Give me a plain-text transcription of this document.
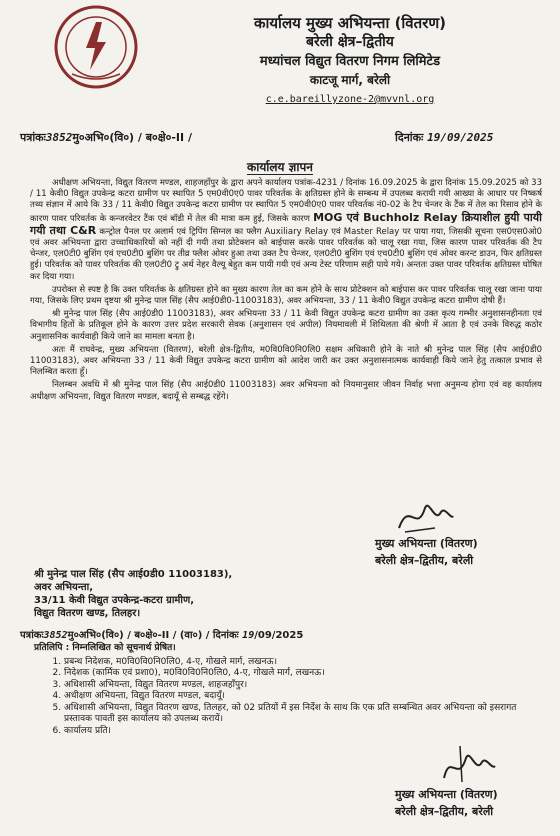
कार्यालय मुख्य अभियन्ता (वितरण)
बरेली क्षेत्र–द्वितीय
मध्यांचल विद्युत वितरण निगम लिमिटेड
काटजू मार्ग, बरेली
c.e.bareillyzone-2@mvvnl.org
पत्रांकः3852मु०अभि०(वि०) / ब०क्षे०-II /	दिनांकः 19/09/2025
कार्यालय ज्ञापन

अधीक्षण अभियन्ता, विद्युत वितरण मण्डल, शाहजहाँपुर के द्वारा अपने कार्यालय पत्रांक-4231 / दिनांक 16.09.2025 के द्वारा दिनांक 15.09.2025 को 33 / 11 केवी0 विद्युत उपकेन्द्र कटरा ग्रामीण पर स्थापित 5 एम0वी0ए0 पावर परिवर्तक के क्षतिग्रस्त होने के सम्बन्ध में उपलब्ध करायी गयी आख्या के आधार पर निष्कर्ष तथ्य संज्ञान में आये कि 33 / 11 केवी0 विद्युत उपकेन्द्र कटरा ग्रामीण पर स्थापित 5 एम0वी0ए0 पावर परिवर्तक नं0-02 के टैप चेन्जर के टैंक में तेल का रिसाव होने के कारण पावर परिवर्तक के कन्जरवेटर टैंक एवं बॉडी में तेल की मात्रा कम हुई, जिसके कारण MOG एवं Buchholz Relay क्रियाशील हुयी पायी गयी तथा C&R कन्ट्रोल पैनल पर अलार्म एवं ट्रिपिंग सिग्नल का फ्लैग Auxiliary Relay एवं Master Relay पर पाया गया, जिसकी सूचना एस0एस0ओ0 एवं अवर अभियन्ता द्वारा उच्चाधिकारियों को नहीं दी गयी तथा प्रोटेक्शन को बाईपास करके पावर परिवर्तक को चालू रखा गया, जिस कारण पावर परिवर्तक की टैप चेन्जर, एल0टी0 बुशिंग एवं एच0टी0 बुशिंग पर तीव्र फ्लैश ओवर हुआ तथा उक्त टैप चेन्जर, एल0टी0 बुशिंग एवं एच0टी0 बुशिंग एवं ओवर करन्ट डाउन, फिर क्षतिग्रस्त हुई। परिवर्तक को पावर परिवर्तक की एल0टी0 ट्रु अर्थ नेहर वैल्यू बेहुत कम पायी गयी एवं अन्य टेस्ट परिणाम सही पाये गये। अन्ततः उक्त पावर परिवर्तक क्षतिग्रस्त घोषित कर दिया गया।

उपरोक्त से स्पष्ट है कि उक्त परिवर्तक के क्षतिग्रस्त होने का मुख्य कारण तेल का कम होने के साथ प्रोटेक्शन को बाईपास कर पावर परिवर्तक चालू रखा जाना पाया गया, जिसके लिए प्रथम दृष्टया श्री मुनेन्द्र पाल सिंह (सैप आई0डी0-11003183), अवर अभियन्ता, 33 / 11 केवी0 विद्युत उपकेन्द्र कटरा ग्रामीण दोषी हैं।

श्री मुनेन्द्र पाल सिंह (सैप आई0डी0 11003183), अवर अभियन्ता 33 / 11 केवी विद्युत उपकेन्द्र कटरा ग्रामीण का उक्त कृत्य गम्भीर अनुशासनहीनता एवं विभागीय हितों के प्रतिकूल होने के कारण उत्तर प्रदेश सरकारी सेवक (अनुशासन एवं अपील) नियमावली में शिथिलता की श्रेणी में आता है एवं उनके विरुद्ध कठोर अनुशासनिक कार्यवाही किये जाने का मामला बनता है।

अतः मैं राघवेन्द्र, मुख्य अभियन्ता (वितरण), बरेली क्षेत्र-द्वितीय, म0वि0वि0नि0लि0 सक्षम अधिकारी होने के नाते श्री मुनेन्द्र पाल सिंह (सैप आई0डी0 11003183), अवर अभियन्ता 33 / 11 केवी विद्युत उपकेन्द्र कटरा ग्रामीण को आदेश जारी कर उक्त अनुशासनात्मक कार्यवाही किये जाने हेतु तत्काल प्रभाव से निलम्बित करता हूँ।

निलम्बन अवधि में श्री मुनेन्द्र पाल सिंह (सैप आई0डी0 11003183) अवर अभियन्ता को नियमानुसार जीवन निर्वाह भत्ता अनुमन्य होगा एवं वह कार्यालय अधीक्षण अभियन्ता, विद्युत वितरण मण्डल, बदायूँ से सम्बद्ध रहेंगे।

मुख्य अभियन्ता (वितरण)
बरेली क्षेत्र–द्वितीय, बरेली
श्री मुनेन्द्र पाल सिंह (सैप आई0डी0 11003183),
अवर अभियन्ता,
33/11 केवी विद्युत उपकेन्द्र-कटरा ग्रामीण,
विद्युत वितरण खण्ड, तिलहर।
पत्रांकः3852मु०अभि०(वि०) / ब०क्षे०-II / (वा०) / दिनांकः 19/09/2025
प्रतिलिपि : निम्नलिखित को सूचनार्थ प्रेषित।
1. प्रबन्ध निदेशक, म0वि0वि0नि0लि0, 4-ए, गोखले मार्ग, लखनऊ।
2. निदेशक (कार्मिक एवं प्रशा0), म0वि0वि0नि0लि0, 4-ए, गोखले मार्ग, लखनऊ।
3. अधिशासी अभियन्ता, विद्युत वितरण मण्डल, शाहजहाँपुर।
4. अधीक्षण अभियन्ता, विद्युत वितरण मण्डल, बदायूँ।
5. अधिशासी अभियन्ता, विद्युत वितरण खण्ड, तिलहर, को 02 प्रतियों में इस निर्देश के साथ कि एक प्रति सम्बन्धित अवर अभियन्ता को इसरागत प्रस्तावक पावती इस कार्यालय को उपलब्ध करायें।
6. कार्यालय प्रति।
मुख्य अभियन्ता (वितरण)
बरेली क्षेत्र–द्वितीय, बरेली
